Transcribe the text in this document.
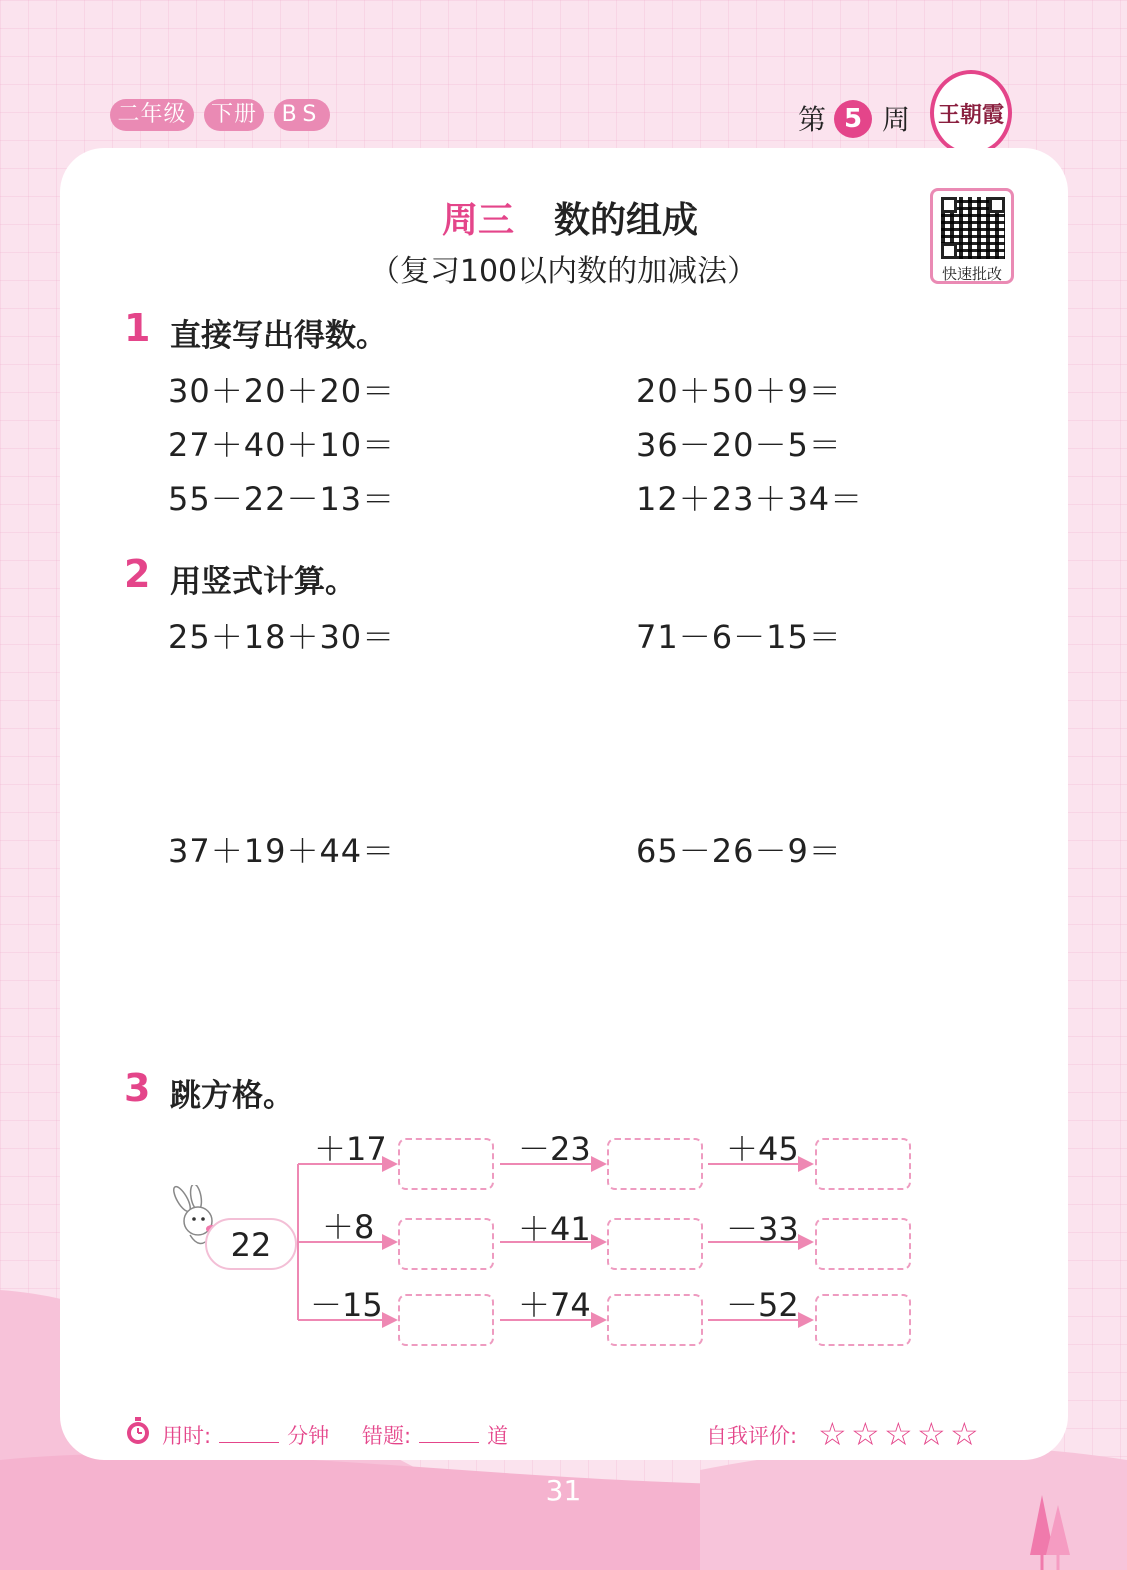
二年级	下册	BS	第 5 周 王朝霞
周三 数的组成
（复习100以内数的加减法）	快速批改
1 直接写出得数。
30＋20＋20＝	20＋50＋9＝
27＋40＋10＝	36－20－5＝
55－22－13＝	12＋23＋34＝
2 用竖式计算。
25＋18＋30＝	71－6－15＝
37＋19＋44＝	65－26－9＝
3 跳方格。
22
＋17	－23	＋45
＋8	＋41	－33
－15	＋74	－52
用时:	分钟 错题:	道	自我评价: ☆ ☆ ☆ ☆ ☆
31
